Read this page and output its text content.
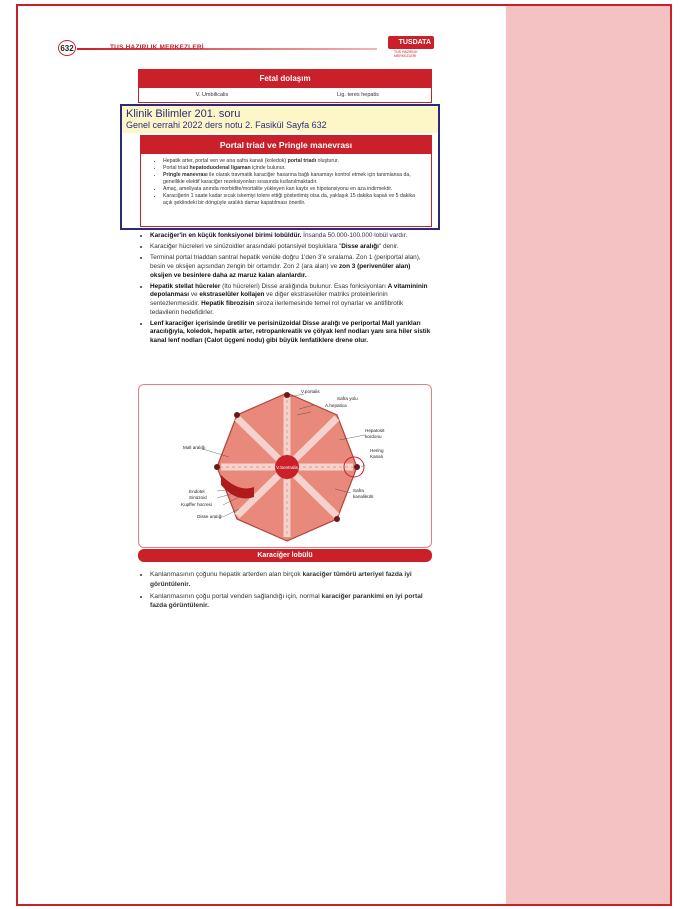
632	TUS HAZIRLIK MERKEZLERİ
TUSDATA
TUS HAZIRLIK MERKEZLERİ
Fetal dolaşım
V. Umbilicalis	Lig. teres hepatis
• Karaciğer'in en küçük fonksiyonel birimi lobüldür. İnsanda 50.000-100.000 lobül vardır.
• Karaciğer hücreleri ve sinüzoidler arasındaki potansiyel boşluklara "Disse aralığı" denir.
• Terminal portal triaddan santral hepatik venüle doğru 1'den 3'e sıralama. Zon 1 (periportal alan), besin ve oksijen açısından zengin bir ortamdır. Zon 2 (ara alan) ve zon 3 (perivenüler alan) oksijen ve besinlere daha az maruz kalan alanlardır.
• Hepatik stellat hücreler (Ito hücreleri) Disse aralığında bulunur. Esas fonksiyonları A vitamininin depolanması ve ekstraselüler kollajen ve diğer ekstraselüler matriks proteinlerinin sentezlenmesidir. Hepatik fibrozisin siroza ilerlemesinde temel rol oynarlar ve antifibrotik tedavilerin hedefidirler.
• Lenf karaciğer içerisinde üretilir ve perisinüzoidal Disse aralığı ve periportal Mall yarıkları aracılığıyla, koledok, hepatik arter, retropankreatik ve çölyak lenf nodları yanı sıra hiler sistik kanal lenf nodları (Calot üçgeni nodu) gibi büyük lenfatiklere drene olur.
Klinik Bilimler 201. soru
Genel cerrahi 2022 ders notu 2. Fasikül Sayfa 632
Portal triad ve Pringle manevrası
• Hepatik arter, portal ven ve ana safra kanalı (koledok) portal triadı oluşturur.
• Portal triad hepatoduodenal ligaman içinde bulunur.
• Pringle manevrası ile olarak travmatik karaciğer hasarına bağlı kanamayı kontrol etmek için tanımlansa da, genellikle elektif karaciğer rezeksiyonları sırasında kullanılmaktadır.
• Amaç, ameliyata anında morbidite/mortalite yükleyen kan kaybı ve hipotansiyonu en aza indirmektir.
• Karaciğerin 1 saate kadar sıcak iskemiyi tolere ettiği gösterilmiş olsa da, yaklaşık 15 dakika kapalı ve 5 dakika açık şeklindeki bir döngüyle aralıklı damar kapatılması önerilir.
V.Sentralis
V.portalis
Safra yolu
A.hepatica
Hepatosit
kordonu
Mall aralığı
Hering
Kanalı
Endotel
Sinüzoid
Kupffer hücresi
Safra
kanalikülü
Disse aralığı
Karaciğer lobülü
• Kanlanmasının çoğunu hepatik arterden alan birçok karaciğer tümörü arteriyel fazda iyi görüntülenir.
• Kanlanmasının çoğu portal venden sağlandığı için, normal karaciğer parankimi en iyi portal fazda görüntülenir.
